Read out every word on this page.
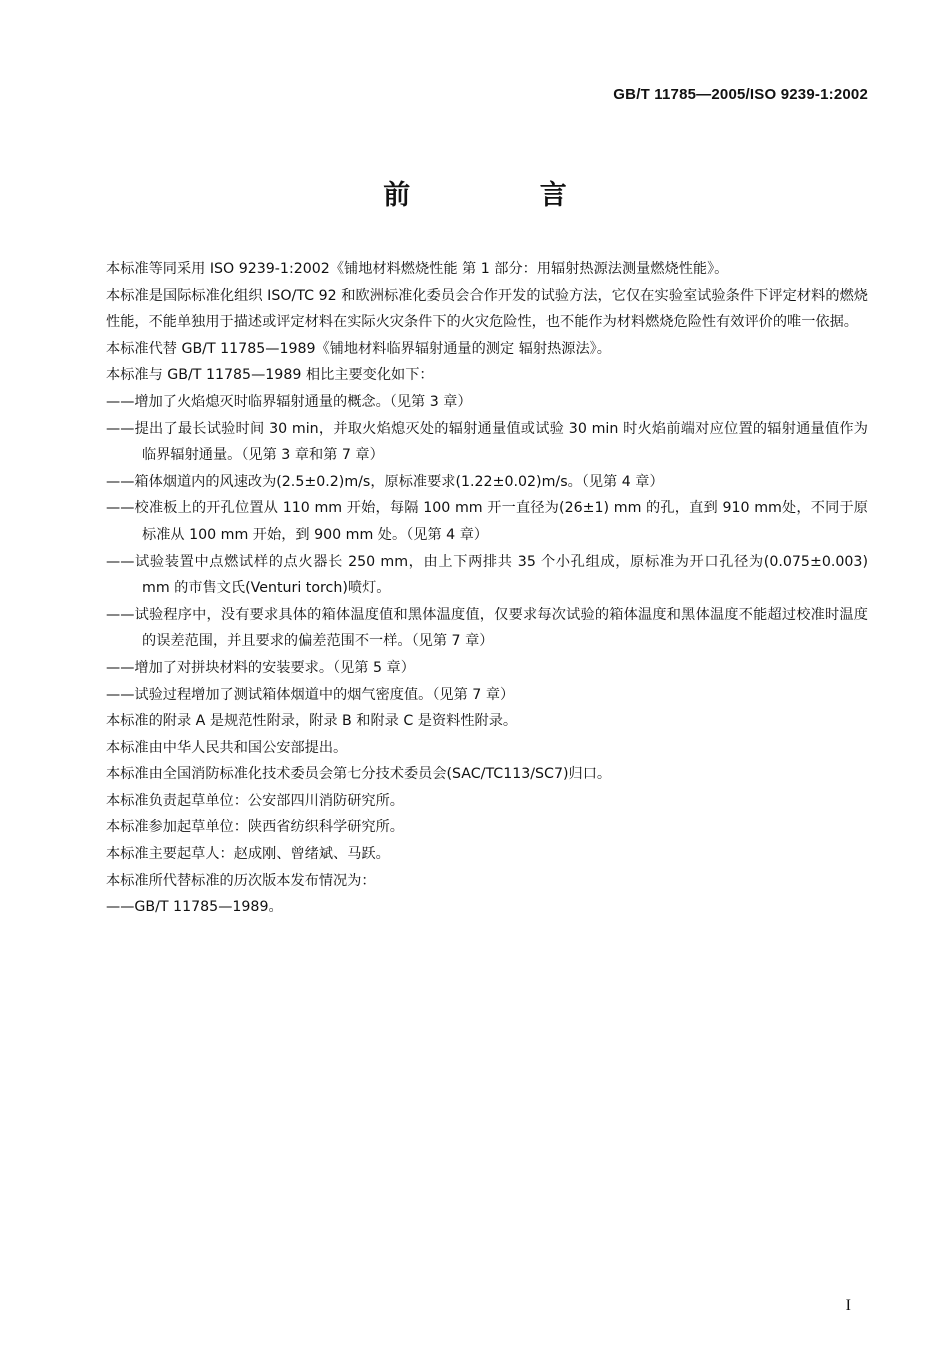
GB/T 11785—2005/ISO 9239-1:2002
前 言

本标准等同采用 ISO 9239-1:2002《铺地材料燃烧性能 第 1 部分：用辐射热源法测量燃烧性能》。

本标准是国际标准化组织 ISO/TC 92 和欧洲标准化委员会合作开发的试验方法，它仅在实验室试验条件下评定材料的燃烧性能，不能单独用于描述或评定材料在实际火灾条件下的火灾危险性，也不能作为材料燃烧危险性有效评价的唯一依据。

本标准代替 GB/T 11785—1989《铺地材料临界辐射通量的测定 辐射热源法》。

本标准与 GB/T 11785—1989 相比主要变化如下：

——增加了火焰熄灭时临界辐射通量的概念。（见第 3 章）

——提出了最长试验时间 30 min，并取火焰熄灭处的辐射通量值或试验 30 min 时火焰前端对应位置的辐射通量值作为临界辐射通量。（见第 3 章和第 7 章）

——箱体烟道内的风速改为(2.5±0.2)m/s，原标准要求(1.22±0.02)m/s。（见第 4 章）

——校准板上的开孔位置从 110 mm 开始，每隔 100 mm 开一直径为(26±1) mm 的孔，直到 910 mm处，不同于原标准从 100 mm 开始，到 900 mm 处。（见第 4 章）

——试验装置中点燃试样的点火器长 250 mm，由上下两排共 35 个小孔组成，原标准为开口孔径为(0.075±0.003) mm 的市售文氏(Venturi torch)喷灯。

——试验程序中，没有要求具体的箱体温度值和黑体温度值，仅要求每次试验的箱体温度和黑体温度不能超过校准时温度的误差范围，并且要求的偏差范围不一样。（见第 7 章）

——增加了对拼块材料的安装要求。（见第 5 章）

——试验过程增加了测试箱体烟道中的烟气密度值。（见第 7 章）

本标准的附录 A 是规范性附录，附录 B 和附录 C 是资料性附录。

本标准由中华人民共和国公安部提出。

本标准由全国消防标准化技术委员会第七分技术委员会(SAC/TC113/SC7)归口。

本标准负责起草单位：公安部四川消防研究所。

本标准参加起草单位：陕西省纺织科学研究所。

本标准主要起草人：赵成刚、曾绪斌、马跃。

本标准所代替标准的历次版本发布情况为：

——GB/T 11785—1989。

I
